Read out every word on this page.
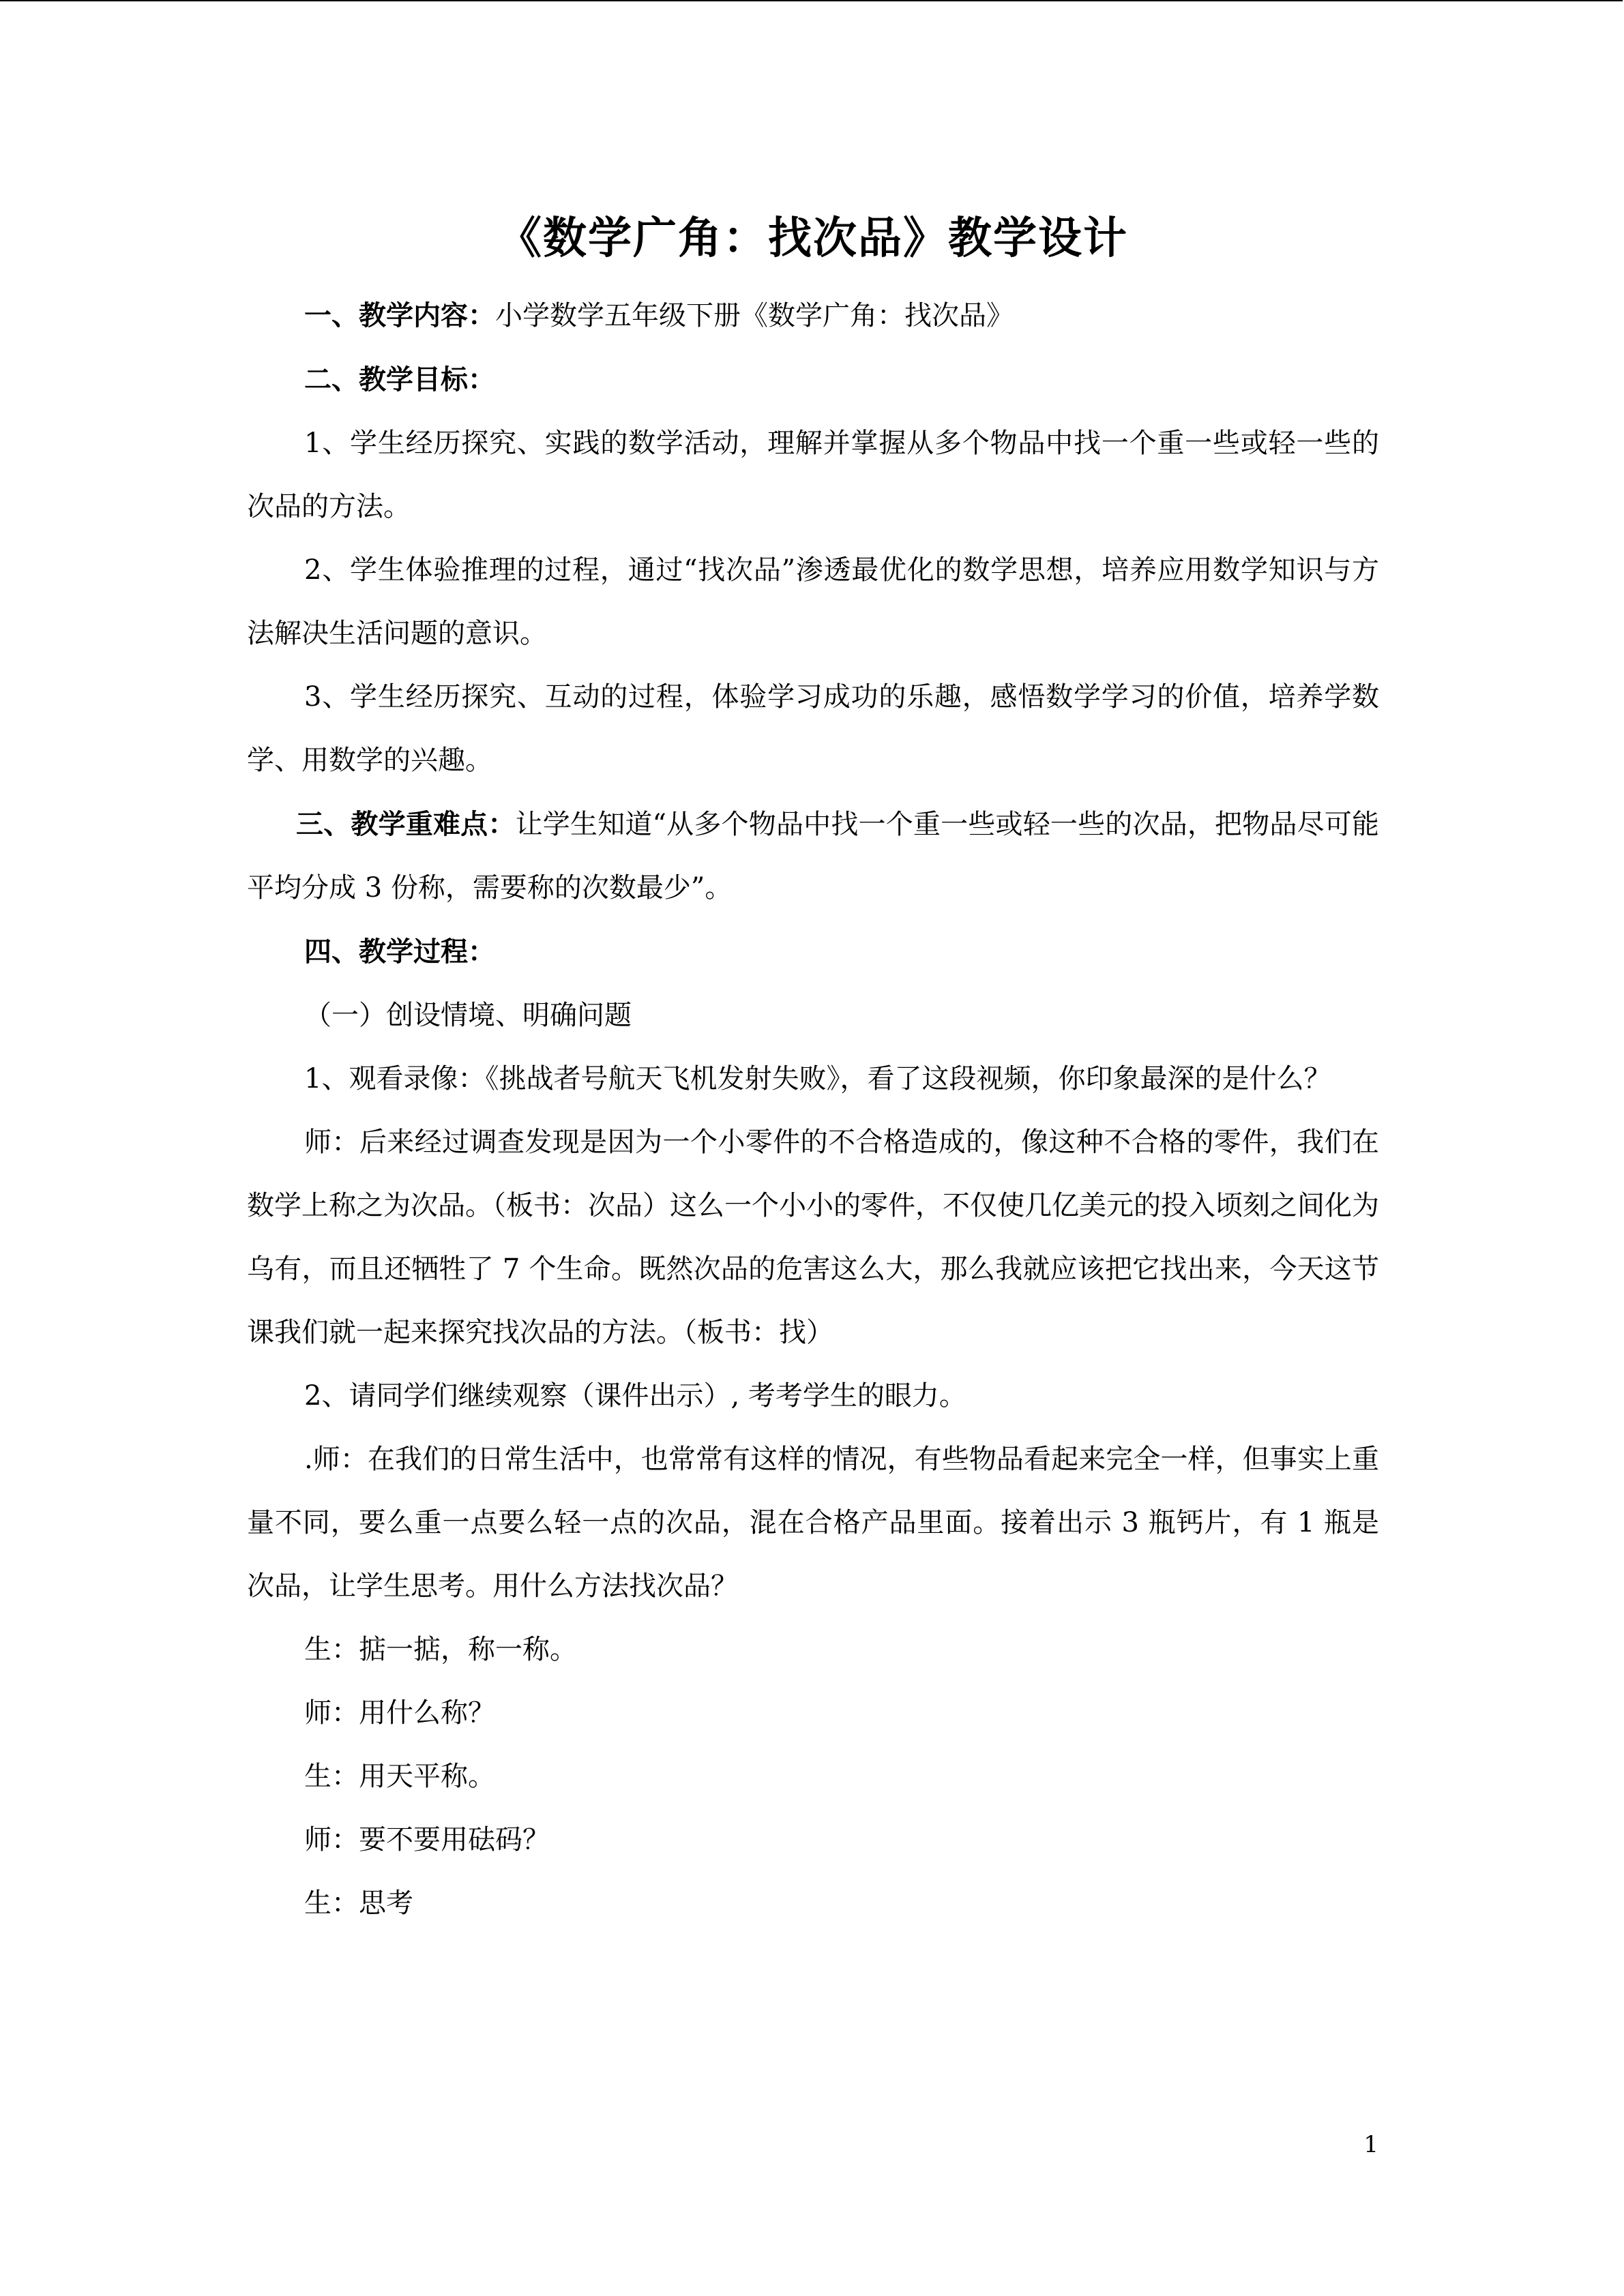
《数学广角：找次品》教学设计

一、教学内容：小学数学五年级下册《数学广角：找次品》

二、教学目标：

1、学生经历探究、实践的数学活动，理解并掌握从多个物品中找一个重一些或轻一些的次品的方法。

2、学生体验推理的过程，通过“找次品”渗透最优化的数学思想，培养应用数学知识与方法解决生活问题的意识。

3、学生经历探究、互动的过程，体验学习成功的乐趣，感悟数学学习的价值，培养学数学、用数学的兴趣。

三、教学重难点：让学生知道“从多个物品中找一个重一些或轻一些的次品，把物品尽可能平均分成 3 份称，需要称的次数最少”。

四、教学过程：

（一）创设情境、明确问题

1、观看录像：《挑战者号航天飞机发射失败》，看了这段视频，你印象最深的是什么？

师：后来经过调查发现是因为一个小零件的不合格造成的，像这种不合格的零件，我们在数学上称之为次品。（板书：次品）这么一个小小的零件，不仅使几亿美元的投入顷刻之间化为乌有，而且还牺牲了 7 个生命。既然次品的危害这么大，那么我就应该把它找出来，今天这节课我们就一起来探究找次品的方法。（板书：找）

2、请同学们继续观察（课件出示）, 考考学生的眼力。

.师：在我们的日常生活中，也常常有这样的情况，有些物品看起来完全一样，但事实上重量不同，要么重一点要么轻一点的次品，混在合格产品里面。接着出示 3 瓶钙片，有 1 瓶是次品，让学生思考。用什么方法找次品？

生：掂一掂，称一称。

师：用什么称？

生：用天平称。

师：要不要用砝码？

生：思考

1
